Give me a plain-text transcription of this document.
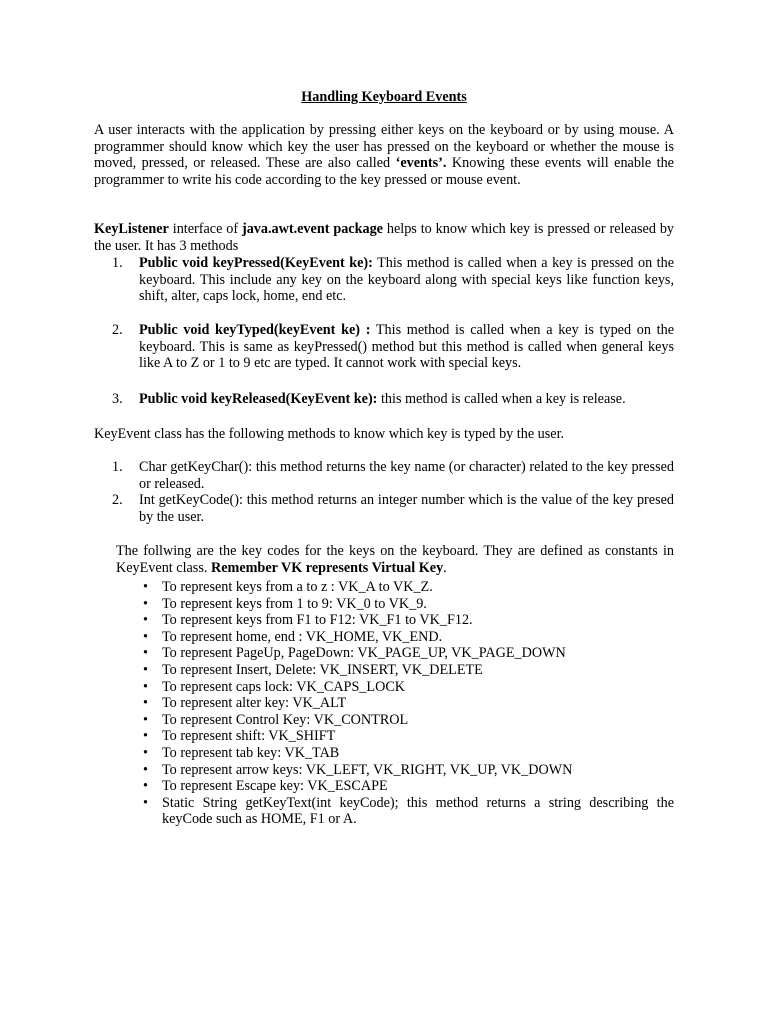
Handling Keyboard Events
A user interacts with the application by pressing either keys on the keyboard or by using mouse. A programmer should know which key the user has pressed on the keyboard or whether the mouse is moved, pressed, or released. These are also called ‘events’. Knowing these events will enable the programmer to write his code according to the key pressed or mouse event.
KeyListener interface of java.awt.event package helps to know which key is pressed or released by the user. It has 3 methods
1. Public void keyPressed(KeyEvent ke): This method is called when a key is pressed on the keyboard. This include any key on the keyboard along with special keys like function keys, shift, alter, caps lock, home, end etc.
2. Public void keyTyped(keyEvent ke) : This method is called when a key is typed on the keyboard. This is same as keyPressed() method but this method is called when general keys like A to Z or 1 to 9 etc are typed. It cannot work with special keys.
3. Public void keyReleased(KeyEvent ke): this method is called when a key is release.
KeyEvent class has the following methods to know which key is typed by the user.
1. Char getKeyChar(): this method returns the key name (or character) related to the key pressed or released.
2. Int getKeyCode(): this method returns an integer number which is the value of the key presed by the user.
The follwing are the key codes for the keys on the keyboard. They are defined as constants in KeyEvent class. Remember VK represents Virtual Key.
• To represent keys from a to z : VK_A to VK_Z.
• To represent keys from 1 to 9: VK_0 to VK_9.
• To represent keys from F1 to F12: VK_F1 to VK_F12.
• To represent home, end : VK_HOME, VK_END.
• To represent PageUp, PageDown: VK_PAGE_UP, VK_PAGE_DOWN
• To represent Insert, Delete: VK_INSERT, VK_DELETE
• To represent caps lock: VK_CAPS_LOCK
• To represent alter key: VK_ALT
• To represent Control Key: VK_CONTROL
• To represent shift: VK_SHIFT
• To represent tab key: VK_TAB
• To represent arrow keys: VK_LEFT, VK_RIGHT, VK_UP, VK_DOWN
• To represent Escape key: VK_ESCAPE
• Static String getKeyText(int keyCode); this method returns a string describing the keyCode such as HOME, F1 or A.
